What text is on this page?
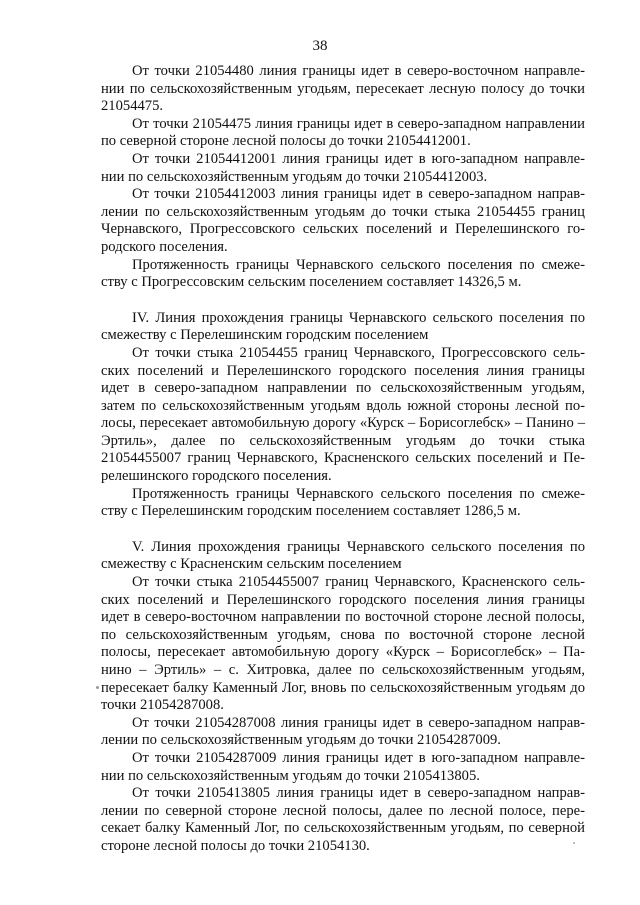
38

От точки 21054480 линия границы идет в северо-восточном направлении по сельскохозяйственным угодьям, пересекает лесную полосу до точки 21054475.

От точки 21054475 линия границы идет в северо-западном направлении по северной стороне лесной полосы до точки 21054412001.

От точки 21054412001 линия границы идет в юго-западном направлении по сельскохозяйственным угодьям до точки 21054412003.

От точки 21054412003 линия границы идет в северо-западном направлении по сельскохозяйственным угодьям до точки стыка 21054455 границ Чернавского, Прогрессовского сельских поселений и Перелешинского городского поселения.

Протяженность границы Чернавского сельского поселения по смежеству с Прогрессовским сельским поселением составляет 14326,5 м.

IV. Линия прохождения границы Чернавского сельского поселения по смежеству с Перелешинским городским поселением

От точки стыка 21054455 границ Чернавского, Прогрессовского сельских поселений и Перелешинского городского поселения линия границы идет в северо-западном направлении по сельскохозяйственным угодьям, затем по сельскохозяйственным угодьям вдоль южной стороны лесной полосы, пересекает автомобильную дорогу «Курск – Борисоглебск» – Панино – Эртиль», далее по сельскохозяйственным угодьям до точки стыка 21054455007 границ Чернавского, Красненского сельских поселений и Перелешинского городского поселения.

Протяженность границы Чернавского сельского поселения по смежеству с Перелешинским городским поселением составляет 1286,5 м.

V. Линия прохождения границы Чернавского сельского поселения по смежеству с Красненским сельским поселением

От точки стыка 21054455007 границ Чернавского, Красненского сельских поселений и Перелешинского городского поселения линия границы идет в северо-восточном направлении по восточной стороне лесной полосы, по сельскохозяйственным угодьям, снова по восточной стороне лесной полосы, пересекает автомобильную дорогу «Курск – Борисоглебск» – Панино – Эртиль» – с. Хитровка, далее по сельскохозяйственным угодьям, пересекает балку Каменный Лог, вновь по сельскохозяйственным угодьям до точки 21054287008.

От точки 21054287008 линия границы идет в северо-западном направлении по сельскохозяйственным угодьям до точки 21054287009.

От точки 21054287009 линия границы идет в юго-западном направлении по сельскохозяйственным угодьям до точки 2105413805.

От точки 2105413805 линия границы идет в северо-западном направлении по северной стороне лесной полосы, далее по лесной полосе, пересекает балку Каменный Лог, по сельскохозяйственным угодьям, по северной стороне лесной полосы до точки 21054130.
